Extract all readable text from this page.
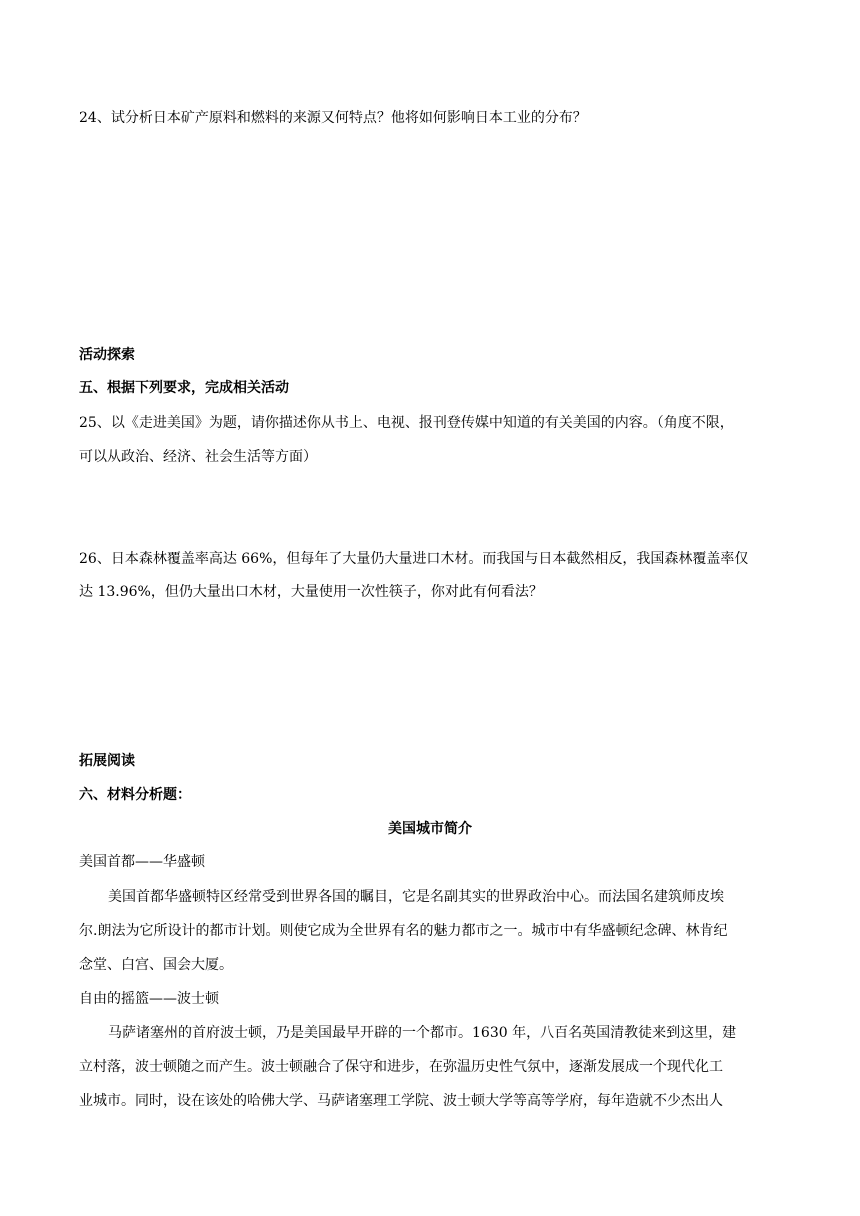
24、试分析日本矿产原料和燃料的来源又何特点？他将如何影响日本工业的分布？
活动探索
五、根据下列要求，完成相关活动
25、以《走进美国》为题，请你描述你从书上、电视、报刊登传媒中知道的有关美国的内容。（角度不限，
可以从政治、经济、社会生活等方面）
26、日本森林覆盖率高达 66%，但每年了大量仍大量进口木材。而我国与日本截然相反，我国森林覆盖率仅
达 13.96%，但仍大量出口木材，大量使用一次性筷子，你对此有何看法？
拓展阅读
六、材料分析题：
美国城市简介
美国首都——华盛顿
美国首都华盛顿特区经常受到世界各国的瞩目，它是名副其实的世界政治中心。而法国名建筑师皮埃
尔.朗法为它所设计的都市计划。则使它成为全世界有名的魅力都市之一。城市中有华盛顿纪念碑、林肯纪
念堂、白宫、国会大厦。
自由的摇篮——波士顿
马萨诸塞州的首府波士顿，乃是美国最早开辟的一个都市。1630 年，八百名英国清教徒来到这里，建
立村落，波士顿随之而产生。波士顿融合了保守和进步，在弥温历史性气氛中，逐渐发展成一个现代化工
业城市。同时，设在该处的哈佛大学、马萨诸塞理工学院、波士顿大学等高等学府，每年造就不少杰出人
